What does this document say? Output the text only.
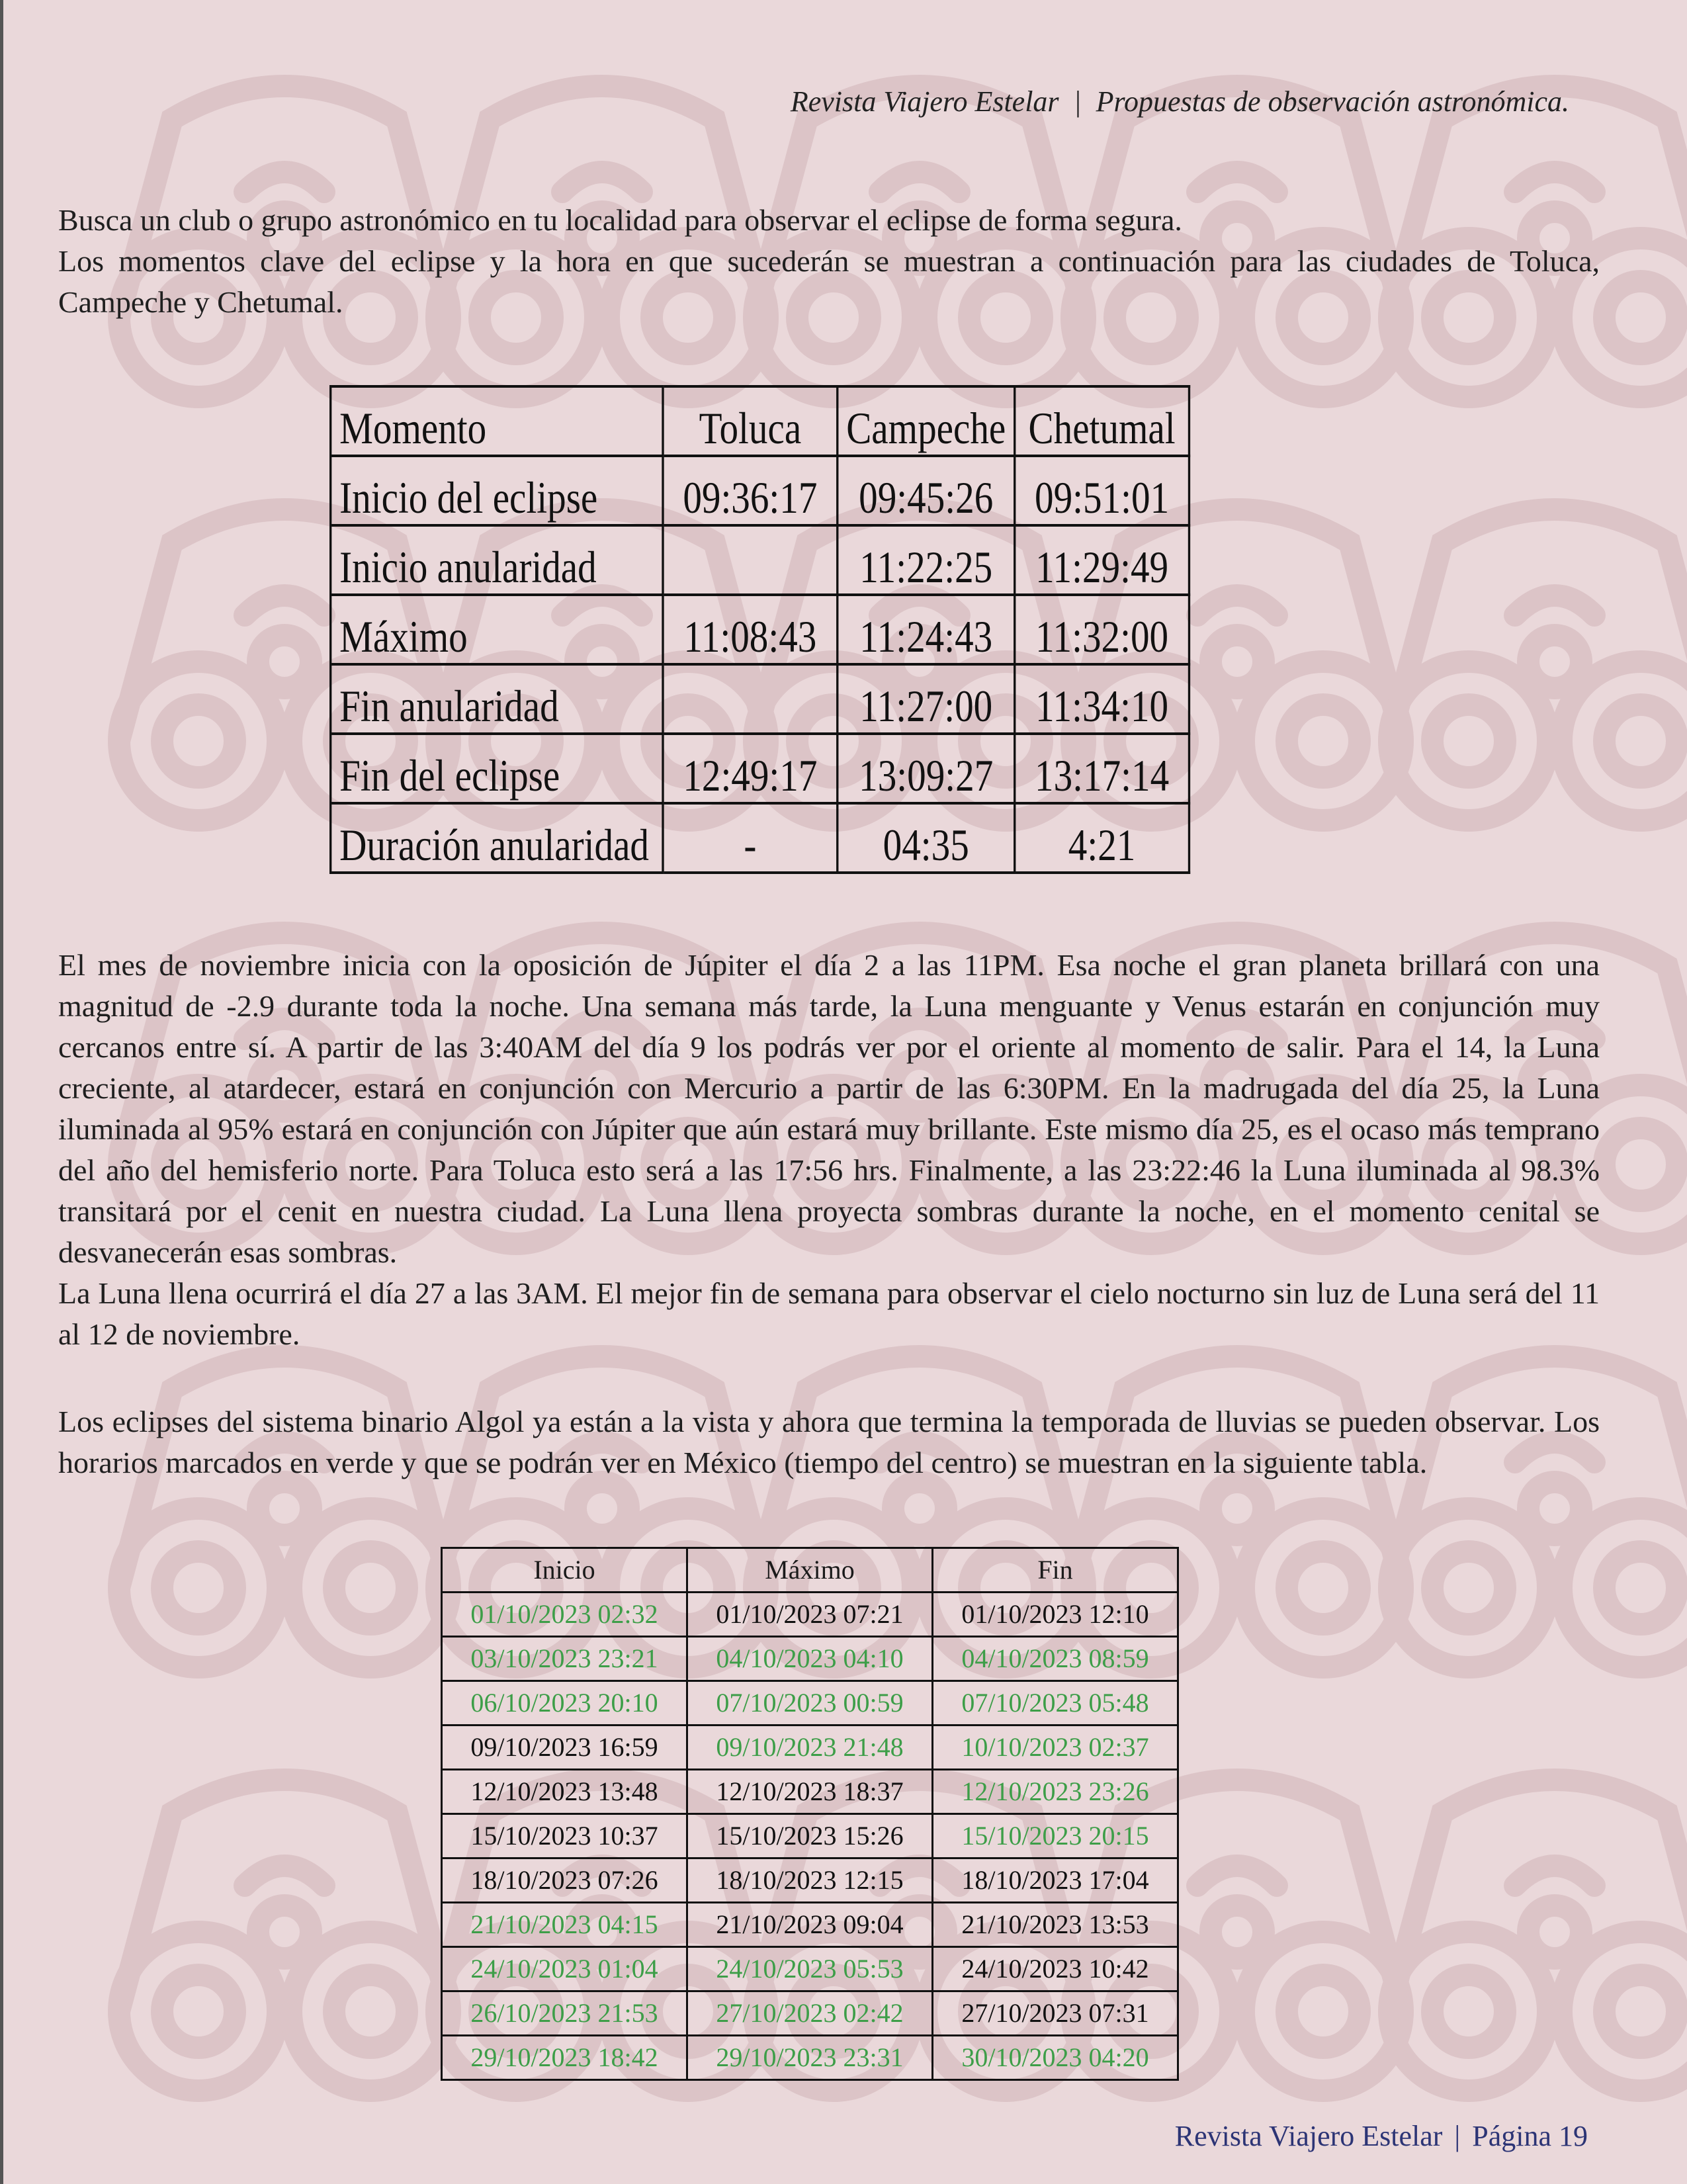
Revista Viajero Estelar | Propuestas de observación astronómica.

Busca un club o grupo astronómico en tu localidad para observar el eclipse de forma segura.

Los momentos clave del eclipse y la hora en que sucederán se muestran a continuación para las ciudades de Toluca, Campeche y Chetumal.

Momento	Toluca	Campeche	Chetumal
Inicio del eclipse	09:36:17	09:45:26	09:51:01
Inicio anularidad		11:22:25	11:29:49
Máximo	11:08:43	11:24:43	11:32:00
Fin anularidad		11:27:00	11:34:10
Fin del eclipse	12:49:17	13:09:27	13:17:14
Duración anularidad	-	04:35	4:21

El mes de noviembre inicia con la oposición de Júpiter el día 2 a las 11PM. Esa noche el gran planeta brillará con una magnitud de -2.9 durante toda la noche. Una semana más tarde, la Luna menguante y Venus estarán en conjunción muy cercanos entre sí. A partir de las 3:40AM del día 9 los podrás ver por el oriente al momento de salir. Para el 14, la Luna creciente, al atardecer, estará en conjunción con Mercurio a partir de las 6:30PM. En la madrugada del día 25, la Luna iluminada al 95% estará en conjunción con Júpiter que aún estará muy brillante. Este mismo día 25, es el ocaso más temprano del año del hemisferio norte. Para Toluca esto será a las 17:56 hrs. Finalmente, a las 23:22:46 la Luna iluminada al 98.3% transitará por el cenit en nuestra ciudad. La Luna llena proyecta sombras durante la noche, en el momento cenital se desvanecerán esas sombras.

La Luna llena ocurrirá el día 27 a las 3AM. El mejor fin de semana para observar el cielo nocturno sin luz de Luna será del 11 al 12 de noviembre.

Los eclipses del sistema binario Algol ya están a la vista y ahora que termina la temporada de lluvias se pueden observar. Los horarios marcados en verde y que se podrán ver en México (tiempo del centro) se muestran en la siguiente tabla.

Inicio	Máximo	Fin
01/10/2023 02:32	01/10/2023 07:21	01/10/2023 12:10
03/10/2023 23:21	04/10/2023 04:10	04/10/2023 08:59
06/10/2023 20:10	07/10/2023 00:59	07/10/2023 05:48
09/10/2023 16:59	09/10/2023 21:48	10/10/2023 02:37
12/10/2023 13:48	12/10/2023 18:37	12/10/2023 23:26
15/10/2023 10:37	15/10/2023 15:26	15/10/2023 20:15
18/10/2023 07:26	18/10/2023 12:15	18/10/2023 17:04
21/10/2023 04:15	21/10/2023 09:04	21/10/2023 13:53
24/10/2023 01:04	24/10/2023 05:53	24/10/2023 10:42
26/10/2023 21:53	27/10/2023 02:42	27/10/2023 07:31
29/10/2023 18:42	29/10/2023 23:31	30/10/2023 04:20
Revista Viajero Estelar | Página 19
